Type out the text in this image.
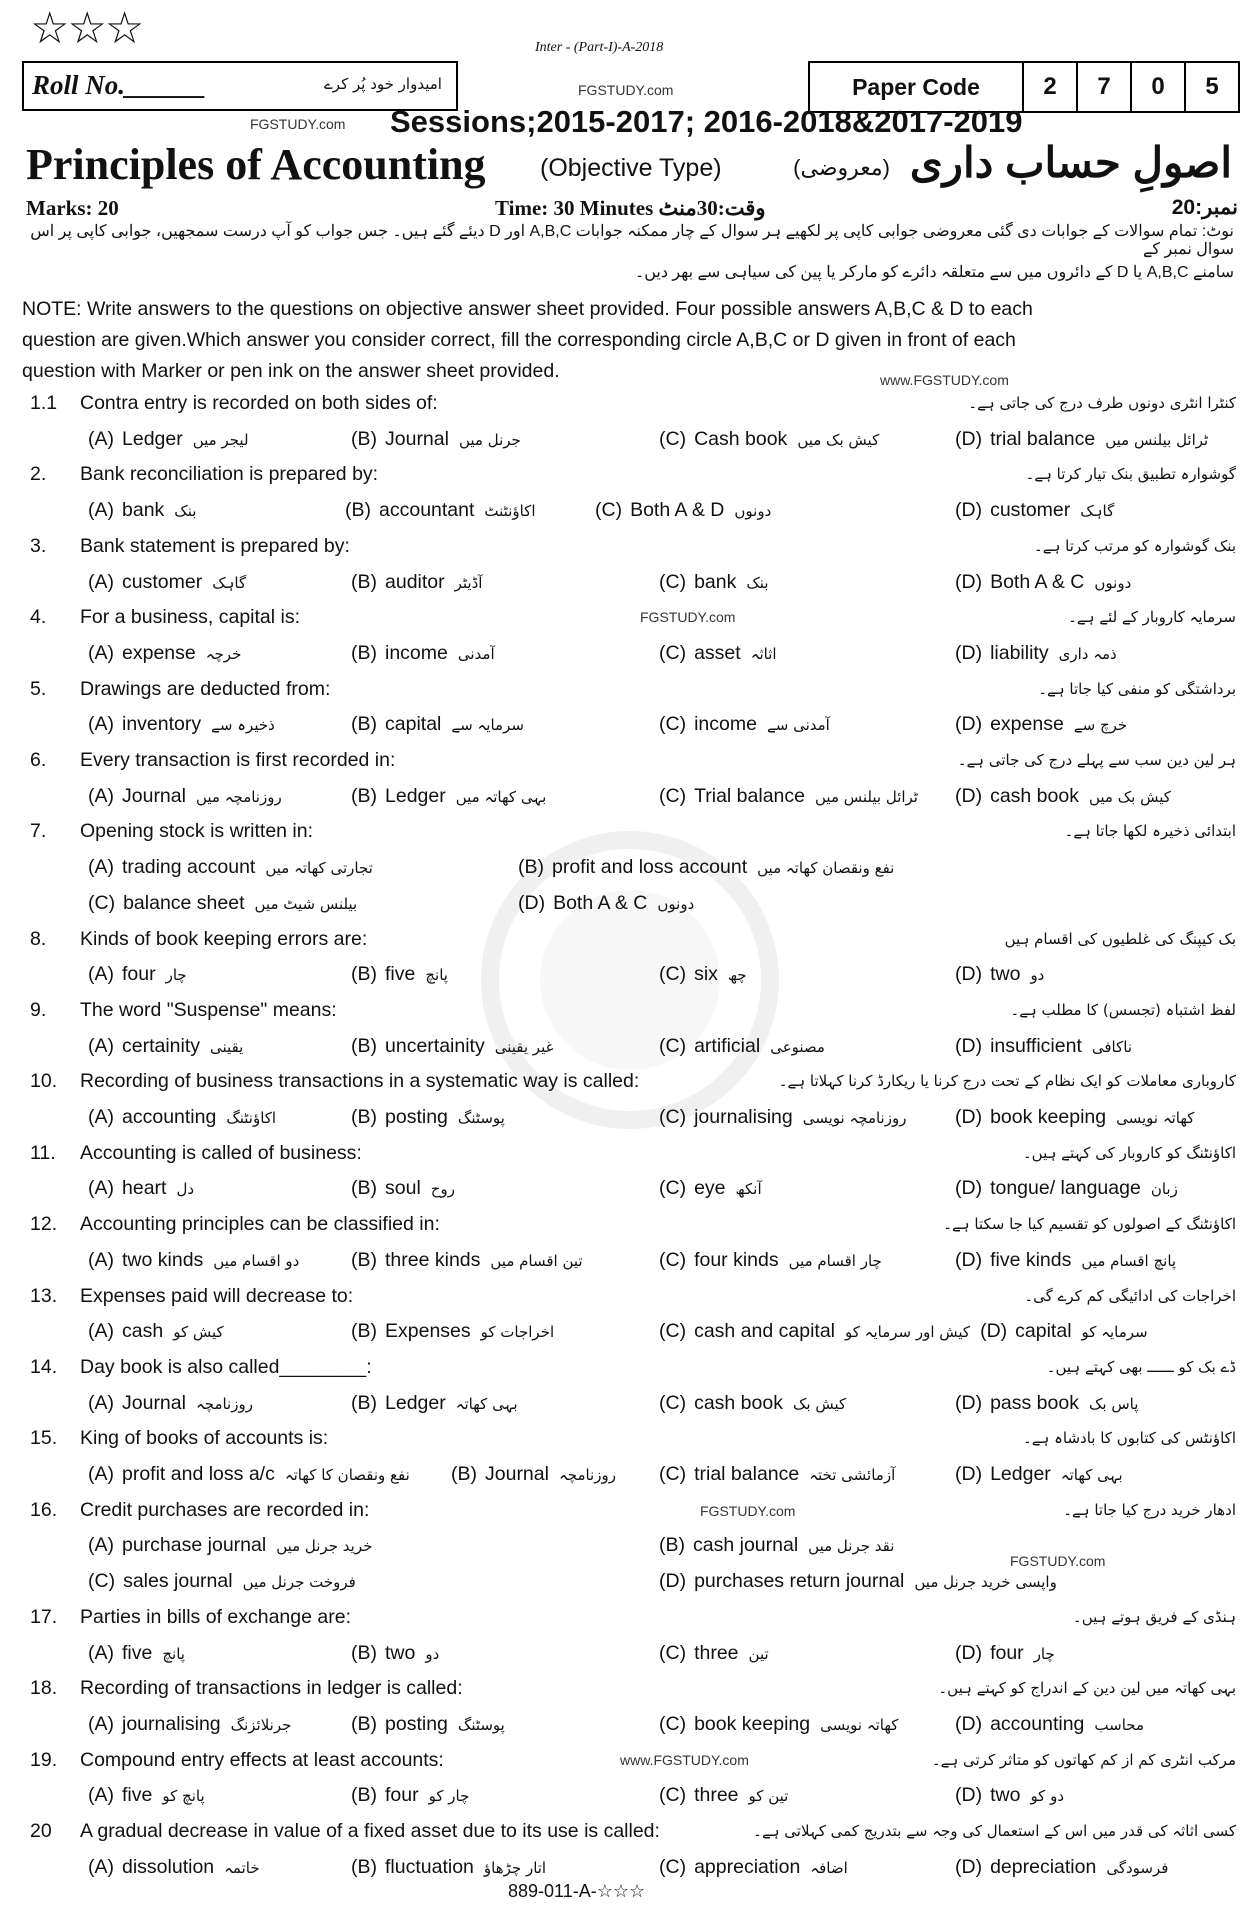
☆☆☆	Inter - (Part-I)-A-2018
Roll No.______	امیدوار خود پُر کرے	FGSTUDY.com	Paper Code	2	7	0	5
FGSTUDY.com Sessions;2015-2017; 2016-2018&2017-2019
Principles of Accounting (Objective Type)	(معروضی) اصولِ حساب داری
Marks: 20	Time: 30 Minutes وقت:30منٹ	نمبر:20
نوٹ: تمام سوالات کے جوابات دی گئی معروضی جوابی کاپی پر لکھیے ہر سوال کے چار ممکنہ جوابات A,B,C اور D دیئے گئے ہیں۔ جس جواب کو آپ درست سمجھیں، جوابی کاپی پر اس سوال نمبر کے
سامنے A,B,C یا D کے دائروں میں سے متعلقہ دائرے کو مارکر یا پین کی سیاہی سے بھر دیں۔
NOTE: Write answers to the questions on objective answer sheet provided. Four possible answers A,B,C & D to each
question are given.Which answer you consider correct, fill the corresponding circle A,B,C or D given in front of each
question with Marker or pen ink on the answer sheet provided.	www.FGSTUDY.com
1.1	Contra entry is recorded on both sides of:	کنٹرا انٹری دونوں طرف درج کی جاتی ہے۔
(A) Ledger لیجر میں	(B) Journal جرنل میں	(C) Cash book کیش بک میں	(D) trial balance ٹرائل بیلنس میں
2.	Bank reconciliation is prepared by:	گوشوارہ تطبیق بنک تیار کرتا ہے۔
(A) bank بنک	(B) accountant اکاؤنٹنٹ	(C) Both A & D دونوں	(D) customer گاہک
3.	Bank statement is prepared by:	بنک گوشوارہ کو مرتب کرتا ہے۔
(A) customer گاہک	(B) auditor آڈیٹر	(C) bank بنک	(D) Both A & C دونوں
4.	For a business, capital is:	سرمایہ کاروبار کے لئے ہے۔
(A) expense خرچہ	(B) income آمدنی	(C) asset اثاثہ	(D) liability ذمہ داری
5.	Drawings are deducted from:	برداشتگی کو منفی کیا جاتا ہے۔
(A) inventory ذخیرہ سے	(B) capital سرمایہ سے	(C) income آمدنی سے	(D) expense خرچ سے
6.	Every transaction is first recorded in:	ہر لین دین سب سے پہلے درج کی جاتی ہے۔
(A) Journal روزنامچہ میں	(B) Ledger بہی کھاتہ میں	(C) Trial balance ٹرائل بیلنس میں	(D) cash book کیش بک میں
7.	Opening stock is written in:	ابتدائی ذخیرہ لکھا جاتا ہے۔
(A) trading account تجارتی کھاتہ میں	(B) profit and loss account نفع ونقصان کھاتہ میں
(C) balance sheet بیلنس شیٹ میں	(D) Both A & C دونوں
8.	Kinds of book keeping errors are:	بک کیپنگ کی غلطیوں کی اقسام ہیں
(A) four چار	(B) five پانچ	(C) six چھ	(D) two دو
9.	The word "Suspense" means:	لفظ اشتباہ (تجسس) کا مطلب ہے۔
(A) certainity یقینی	(B) uncertainity غیر یقینی	(C) artificial مصنوعی	(D) insufficient ناکافی
10.	Recording of business transactions in a systematic way is called:	کاروباری معاملات کو ایک نظام کے تحت درج کرنا یا ریکارڈ کرنا کہلاتا ہے۔
(A) accounting اکاؤنٹنگ	(B) posting پوسٹنگ	(C) journalising روزنامچہ نویسی	(D) book keeping کھاتہ نویسی
11.	Accounting is called of business:	اکاؤنٹنگ کو کاروبار کی کہتے ہیں۔
(A) heart دل	(B) soul روح	(C) eye آنکھ	(D) tongue/ language زبان
12.	Accounting principles can be classified in:	اکاؤنٹنگ کے اصولوں کو تقسیم کیا جا سکتا ہے۔
(A) two kinds دو اقسام میں	(B) three kinds تین اقسام میں	(C) four kinds چار اقسام میں	(D) five kinds پانچ اقسام میں
13.	Expenses paid will decrease to:	اخراجات کی ادائیگی کم کرے گی۔
(A) cash کیش کو	(B) Expenses اخراجات کو	(C) cash and capital کیش اور سرمایہ کو (D) capital سرمایہ کو
14.	Day book is also called________:	ڈے بک کو ــــــ بھی کہتے ہیں۔
(A) Journal روزنامچہ	(B) Ledger بہی کھاتہ	(C) cash book کیش بک	(D) pass book پاس بک
15.	King of books of accounts is:	اکاؤنٹس کی کتابوں کا بادشاہ ہے۔
(A) profit and loss a/c نفع ونقصان کا کھاتہ	(B) Journal روزنامچہ	(C) trial balance آزمائشی تختہ	(D) Ledger بہی کھاتہ
16.	Credit purchases are recorded in:	ادھار خرید درج کیا جاتا ہے۔
(A) purchase journal خرید جرنل میں	(B) cash journal نقد جرنل میں
(C) sales journal فروخت جرنل میں	(D) purchases return journal واپسی خرید جرنل میں
17.	Parties in bills of exchange are:	ہنڈی کے فریق ہوتے ہیں۔
(A) five پانچ	(B) two دو	(C) three تین	(D) four چار
18.	Recording of transactions in ledger is called:	بہی کھاتہ میں لین دین کے اندراج کو کہتے ہیں۔
(A) journalising جرنلائزنگ	(B) posting پوسٹنگ	(C) book keeping کھاتہ نویسی	(D) accounting محاسب
19.	Compound entry effects at least accounts:	مرکب انٹری کم از کم کھاتوں کو متاثر کرتی ہے۔
(A) five پانچ کو	(B) four چار کو	(C) three تین کو	(D) two دو کو
20	A gradual decrease in value of a fixed asset due to its use is called:	کسی اثاثہ کی قدر میں اس کے استعمال کی وجہ سے بتدریج کمی کہلاتی ہے۔
(A) dissolution خاتمہ	(B) fluctuation اتار چڑھاؤ	(C) appreciation اضافہ	(D) depreciation فرسودگی
FGSTUDY.com
FGSTUDY.com
FGSTUDY.com
www.FGSTUDY.com
889-011-A-☆☆☆
